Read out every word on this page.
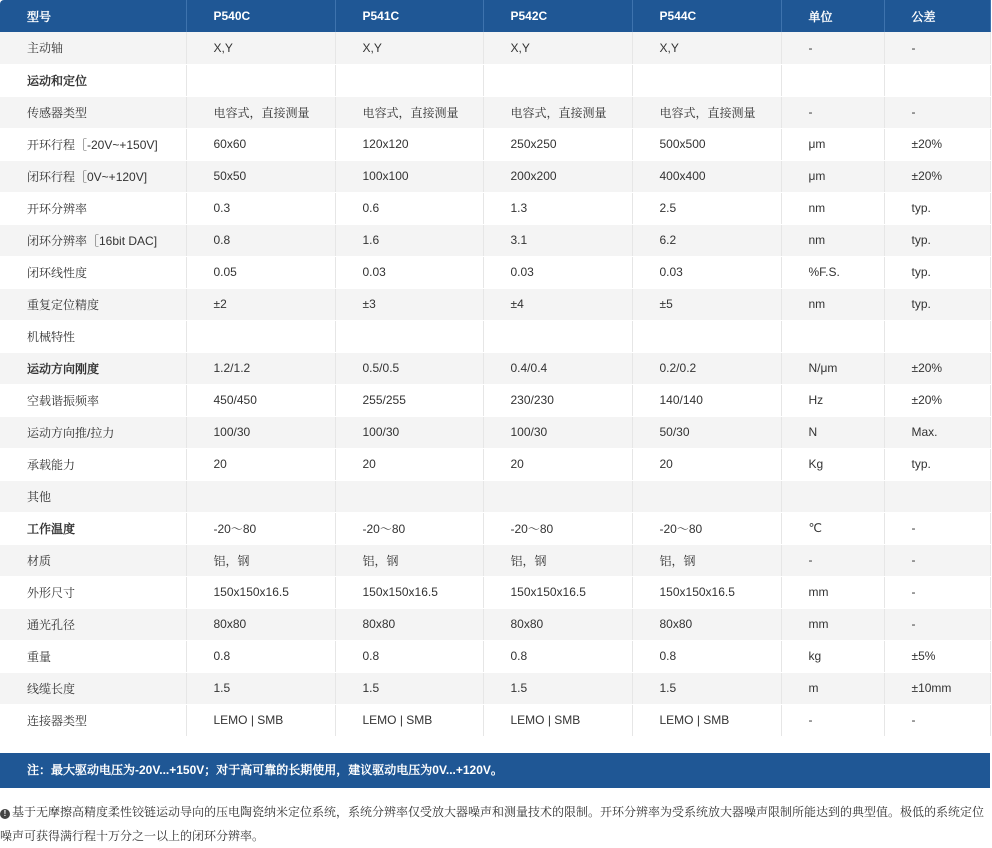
型号	P540C	P541C	P542C	P544C	单位	公差
主动轴	X,Y	X,Y	X,Y	X,Y	-	-
运动和定位						
传感器类型	电容式，直接测量	电容式，直接测量	电容式，直接测量	电容式，直接测量	-	-
开环行程［-20V~+150V]	60x60	120x120	250x250	500x500	μm	±20%
闭环行程［0V~+120V]	50x50	100x100	200x200	400x400	μm	±20%
开环分辨率	0.3	0.6	1.3	2.5	nm	typ.
闭环分辨率［16bit DAC]	0.8	1.6	3.1	6.2	nm	typ.
闭环线性度	0.05	0.03	0.03	0.03	%F.S.	typ.
重复定位精度	±2	±3	±4	±5	nm	typ.
机械特性						
运动方向刚度	1.2/1.2	0.5/0.5	0.4/0.4	0.2/0.2	N/μm	±20%
空载谐振频率	450/450	255/255	230/230	140/140	Hz	±20%
运动方向推/拉力	100/30	100/30	100/30	50/30	N	Max.
承载能力	20	20	20	20	Kg	typ.
其他						
工作温度	-20～80	-20～80	-20～80	-20～80	℃	-
材质	铝，钢	铝，钢	铝，钢	铝，钢	-	-
外形尺寸	150x150x16.5	150x150x16.5	150x150x16.5	150x150x16.5	mm	-
通光孔径	80x80	80x80	80x80	80x80	mm	-
重量	0.8	0.8	0.8	0.8	kg	±5%
线缆长度	1.5	1.5	1.5	1.5	m	±10mm
连接器类型	LEMO | SMB	LEMO | SMB	LEMO | SMB	LEMO | SMB	-	-
注：最大驱动电压为-20V...+150V；对于高可靠的长期使用，建议驱动电压为0V...+120V。
! 基于无摩擦高精度柔性铰链运动导向的压电陶瓷纳米定位系统，系统分辨率仅受放大器噪声和测量技术的限制。开环分辨率为受系统放大器噪声限制所能达到的典型值。极低的系统定位噪声可获得满行程十万分之一以上的闭环分辨率。
